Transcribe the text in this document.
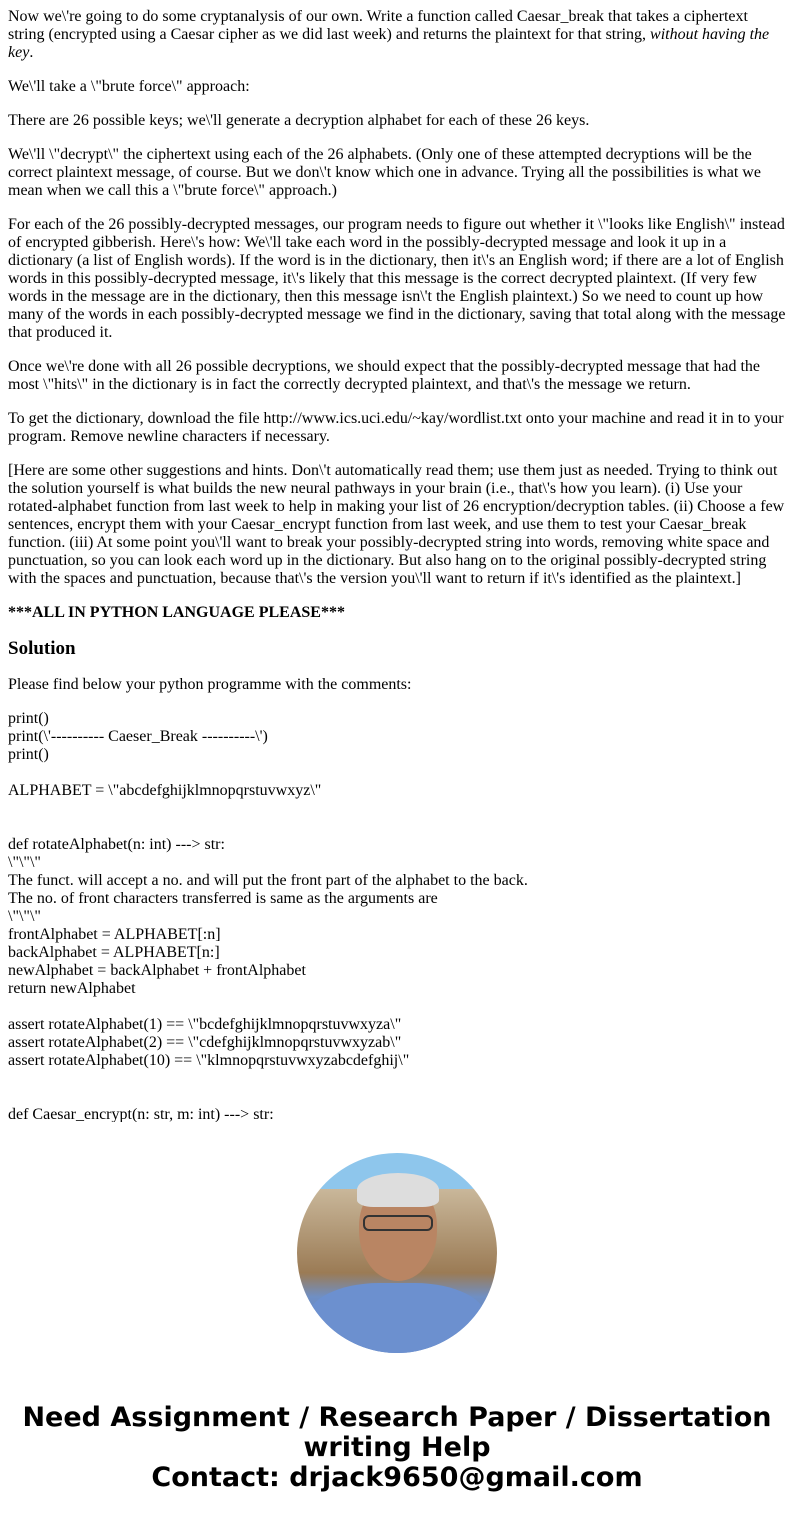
Now we\'re going to do some cryptanalysis of our own. Write a function called Caesar_break that takes a ciphertext string (encrypted using a Caesar cipher as we did last week) and returns the plaintext for that string, without having the key.

We\'ll take a \"brute force\" approach:

There are 26 possible keys; we\'ll generate a decryption alphabet for each of these 26 keys.

We\'ll \"decrypt\" the ciphertext using each of the 26 alphabets. (Only one of these attempted decryptions will be the correct plaintext message, of course. But we don\'t know which one in advance. Trying all the possibilities is what we mean when we call this a \"brute force\" approach.)

For each of the 26 possibly-decrypted messages, our program needs to figure out whether it \"looks like English\" instead of encrypted gibberish. Here\'s how: We\'ll take each word in the possibly-decrypted message and look it up in a dictionary (a list of English words). If the word is in the dictionary, then it\'s an English word; if there are a lot of English words in this possibly-decrypted message, it\'s likely that this message is the correct decrypted plaintext. (If very few words in the message are in the dictionary, then this message isn\'t the English plaintext.) So we need to count up how many of the words in each possibly-decrypted message we find in the dictionary, saving that total along with the message that produced it.

Once we\'re done with all 26 possible decryptions, we should expect that the possibly-decrypted message that had the most \"hits\" in the dictionary is in fact the correctly decrypted plaintext, and that\'s the message we return.

To get the dictionary, download the file http://www.ics.uci.edu/~kay/wordlist.txt onto your machine and read it in to your program. Remove newline characters if necessary.

[Here are some other suggestions and hints. Don\'t automatically read them; use them just as needed. Trying to think out the solution yourself is what builds the new neural pathways in your brain (i.e., that\'s how you learn). (i) Use your rotated-alphabet function from last week to help in making your list of 26 encryption/decryption tables. (ii) Choose a few sentences, encrypt them with your Caesar_encrypt function from last week, and use them to test your Caesar_break function. (iii) At some point you\'ll want to break your possibly-decrypted string into words, removing white space and punctuation, so you can look each word up in the dictionary. But also hang on to the original possibly-decrypted string with the spaces and punctuation, because that\'s the version you\'ll want to return if it\'s identified as the plaintext.]

***ALL IN PYTHON LANGUAGE PLEASE***

Solution

Please find below your python programme with the comments:

print()
print(\'---------- Caeser_Break ----------\')
print()

ALPHABET = \"abcdefghijklmnopqrstuvwxyz\"

def rotateAlphabet(n: int) ---> str:
\"\"\"
The funct. will accept a no. and will put the front part of the alphabet to the back.
The no. of front characters transferred is same as the arguments are
\"\"\"
frontAlphabet = ALPHABET[:n]
backAlphabet = ALPHABET[n:]
newAlphabet = backAlphabet + frontAlphabet
return newAlphabet

assert rotateAlphabet(1) == \"bcdefghijklmnopqrstuvwxyza\"
assert rotateAlphabet(2) == \"cdefghijklmnopqrstuvwxyzab\"
assert rotateAlphabet(10) == \"klmnopqrstuvwxyzabcdefghij\"

def Caesar_encrypt(n: str, m: int) ---> str:
Need Assignment / Research Paper / Dissertation writing Help
Contact: drjack9650@gmail.com
